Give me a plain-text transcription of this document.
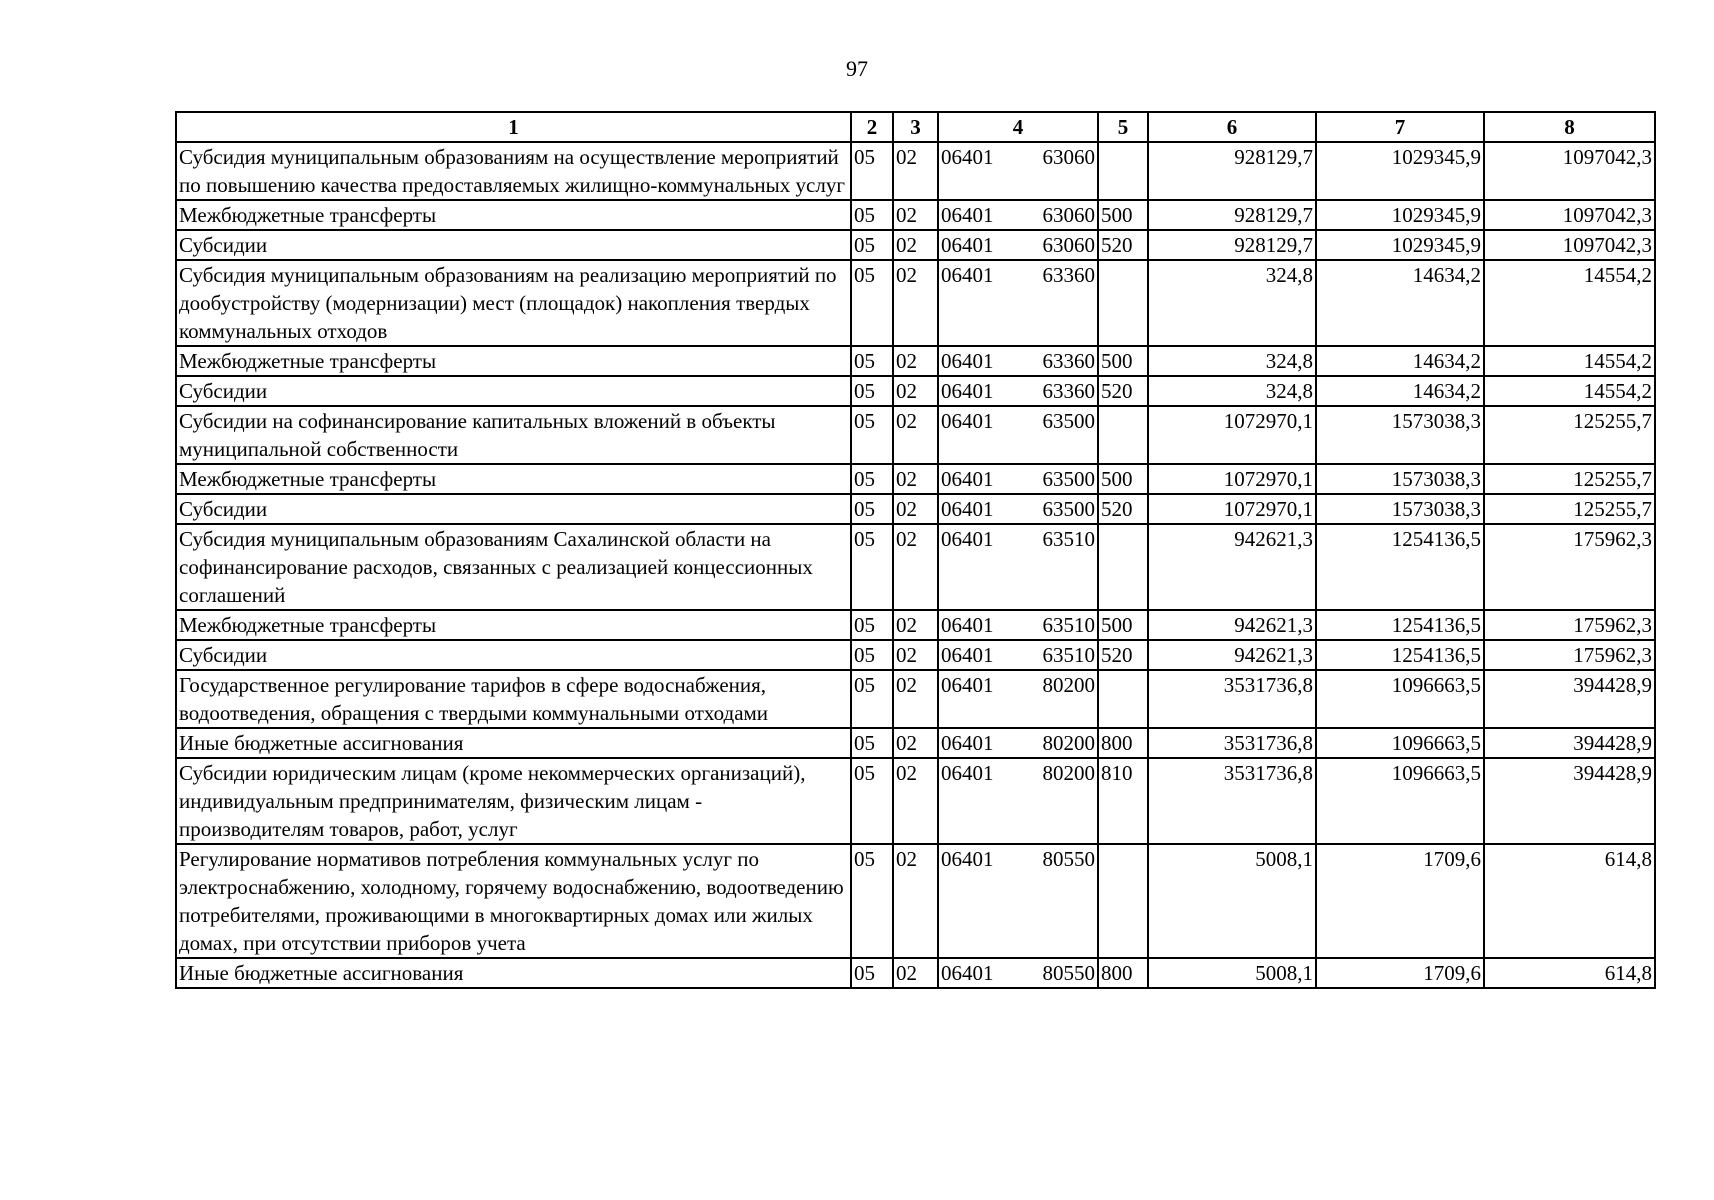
97
1	2	3	4	5	6	7	8
Субсидия муниципальным образованиям на осуществление мероприятий по повышению качества предоставляемых жилищно-коммунальных услуг	05	02	06401 63060		928129,7	1029345,9	1097042,3
Межбюджетные трансферты	05	02	06401 63060	500	928129,7	1029345,9	1097042,3
Субсидии	05	02	06401 63060	520	928129,7	1029345,9	1097042,3
Субсидия муниципальным образованиям на реализацию мероприятий по дообустройству (модернизации) мест (площадок) накопления твердых коммунальных отходов	05	02	06401 63360		324,8	14634,2	14554,2
Межбюджетные трансферты	05	02	06401 63360	500	324,8	14634,2	14554,2
Субсидии	05	02	06401 63360	520	324,8	14634,2	14554,2
Субсидии на софинансирование капитальных вложений в объекты муниципальной собственности	05	02	06401 63500		1072970,1	1573038,3	125255,7
Межбюджетные трансферты	05	02	06401 63500	500	1072970,1	1573038,3	125255,7
Субсидии	05	02	06401 63500	520	1072970,1	1573038,3	125255,7
Субсидия муниципальным образованиям Сахалинской области на софинансирование расходов, связанных с реализацией концессионных соглашений	05	02	06401 63510		942621,3	1254136,5	175962,3
Межбюджетные трансферты	05	02	06401 63510	500	942621,3	1254136,5	175962,3
Субсидии	05	02	06401 63510	520	942621,3	1254136,5	175962,3
Государственное регулирование тарифов в сфере водоснабжения, водоотведения, обращения с твердыми коммунальными отходами	05	02	06401 80200		3531736,8	1096663,5	394428,9
Иные бюджетные ассигнования	05	02	06401 80200	800	3531736,8	1096663,5	394428,9
Субсидии юридическим лицам (кроме некоммерческих организаций), индивидуальным предпринимателям, физическим лицам - производителям товаров, работ, услуг	05	02	06401 80200	810	3531736,8	1096663,5	394428,9
Регулирование нормативов потребления коммунальных услуг по электроснабжению, холодному, горячему водоснабжению, водоотведению потребителями, проживающими в многоквартирных домах или жилых домах, при отсутствии приборов учета	05	02	06401 80550		5008,1	1709,6	614,8
Иные бюджетные ассигнования	05	02	06401 80550	800	5008,1	1709,6	614,8
